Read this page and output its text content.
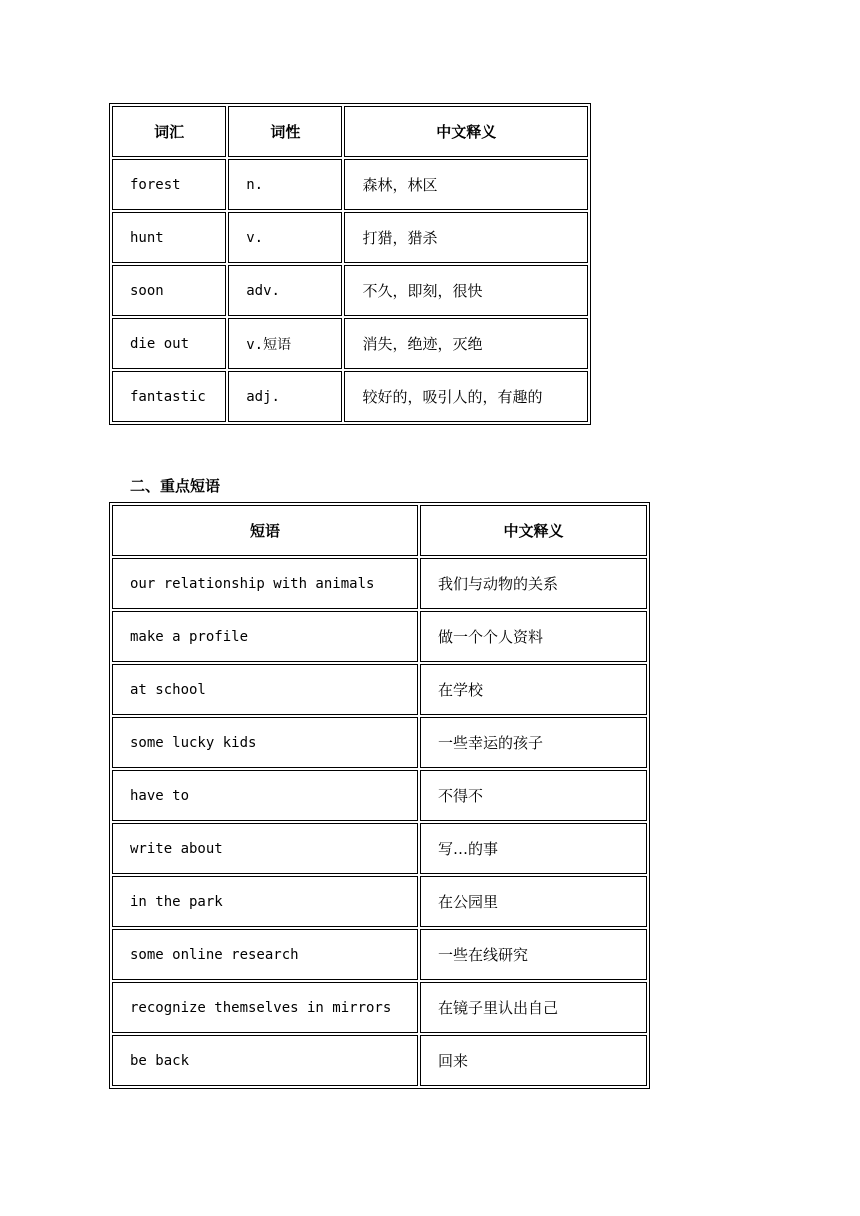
词汇	词性	中文释义
forest	n.	森林，林区
hunt	v.	打猎，猎杀
soon	adv.	不久，即刻，很快
die out	v.短语	消失，绝迹，灭绝
fantastic	adj.	较好的，吸引人的，有趣的
二、重点短语
短语	中文释义
our relationship with animals	我们与动物的关系
make a profile	做一个个人资料
at school	在学校
some lucky kids	一些幸运的孩子
have to	不得不
write about	写…的事
in the park	在公园里
some online research	一些在线研究
recognize themselves in mirrors	在镜子里认出自己
be back	回来
